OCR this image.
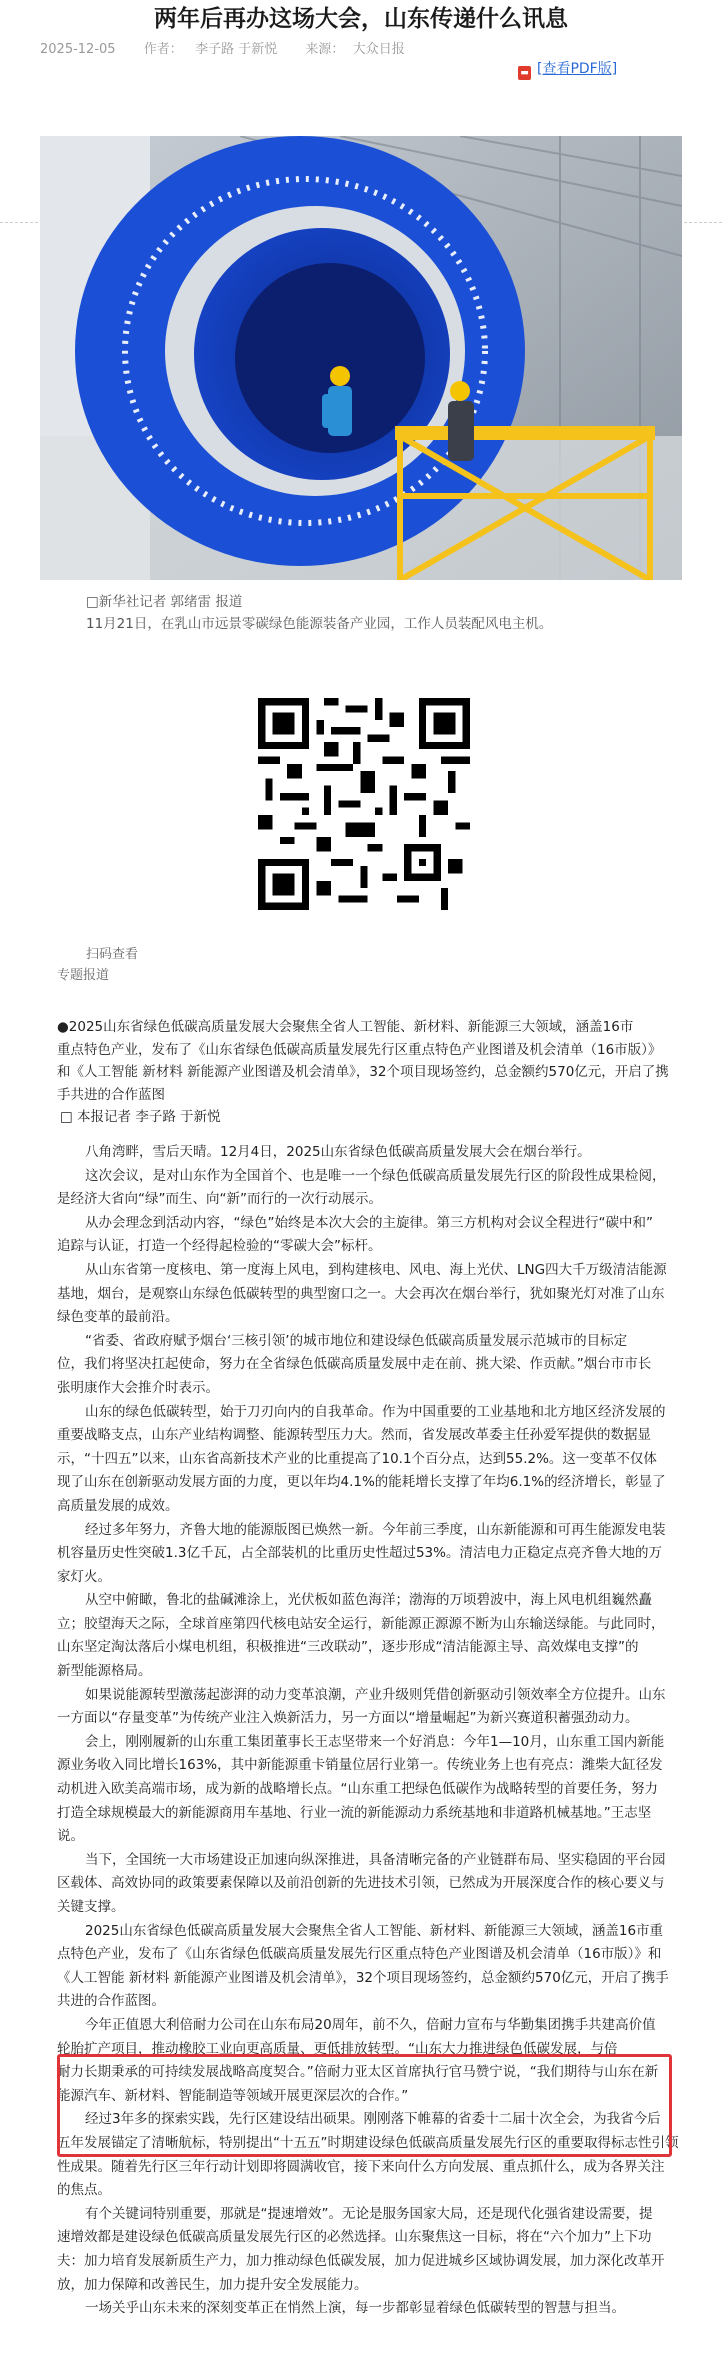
两年后再办这场大会，山东传递什么讯息
2025-12-05 作者： 李子路 于新悦 来源： 大众日报
▬ [查看PDF版]
□新华社记者 郭绪雷 报道
11月21日，在乳山市远景零碳绿色能源装备产业园，工作人员装配风电主机。
扫码查看
专题报道

●2025山东省绿色低碳高质量发展大会聚焦全省人工智能、新材料、新能源三大领域，涵盖16市

重点特色产业，发布了《山东省绿色低碳高质量发展先行区重点特色产业图谱及机会清单（16市版）》

和《人工智能 新材料 新能源产业图谱及机会清单》，32个项目现场签约，总金额约570亿元，开启了携

手共进的合作蓝图

□ 本报记者 李子路 于新悦

八角湾畔，雪后天晴。12月4日，2025山东省绿色低碳高质量发展大会在烟台举行。

这次会议，是对山东作为全国首个、也是唯一一个绿色低碳高质量发展先行区的阶段性成果检阅，

是经济大省向“绿”而生、向“新”而行的一次行动展示。

从办会理念到活动内容，“绿色”始终是本次大会的主旋律。第三方机构对会议全程进行“碳中和”

追踪与认证，打造一个经得起检验的“零碳大会”标杆。

从山东省第一度核电、第一度海上风电，到构建核电、风电、海上光伏、LNG四大千万级清洁能源

基地，烟台，是观察山东绿色低碳转型的典型窗口之一。大会再次在烟台举行，犹如聚光灯对准了山东

绿色变革的最前沿。

“省委、省政府赋予烟台‘三核引领’的城市地位和建设绿色低碳高质量发展示范城市的目标定

位，我们将坚决扛起使命，努力在全省绿色低碳高质量发展中走在前、挑大梁、作贡献。”烟台市市长

张明康作大会推介时表示。

山东的绿色低碳转型，始于刀刃向内的自我革命。作为中国重要的工业基地和北方地区经济发展的

重要战略支点，山东产业结构调整、能源转型压力大。然而，省发展改革委主任孙爱军提供的数据显

示，“十四五”以来，山东省高新技术产业的比重提高了10.1个百分点，达到55.2%。这一变革不仅体

现了山东在创新驱动发展方面的力度，更以年均4.1%的能耗增长支撑了年均6.1%的经济增长，彰显了

高质量发展的成效。

经过多年努力，齐鲁大地的能源版图已焕然一新。今年前三季度，山东新能源和可再生能源发电装

机容量历史性突破1.3亿千瓦，占全部装机的比重历史性超过53%。清洁电力正稳定点亮齐鲁大地的万

家灯火。

从空中俯瞰，鲁北的盐碱滩涂上，光伏板如蓝色海洋；渤海的万顷碧波中，海上风电机组巍然矗

立；胶望海天之际，全球首座第四代核电站安全运行，新能源正源源不断为山东输送绿能。与此同时，

山东坚定淘汰落后小煤电机组，积极推进“三改联动”，逐步形成“清洁能源主导、高效煤电支撑”的

新型能源格局。

如果说能源转型激荡起澎湃的动力变革浪潮，产业升级则凭借创新驱动引领效率全方位提升。山东

一方面以“存量变革”为传统产业注入焕新活力，另一方面以“增量崛起”为新兴赛道积蓄强劲动力。

会上，刚刚履新的山东重工集团董事长王志坚带来一个好消息：今年1—10月，山东重工国内新能

源业务收入同比增长163%，其中新能源重卡销量位居行业第一。传统业务上也有亮点：潍柴大缸径发

动机进入欧美高端市场，成为新的战略增长点。“山东重工把绿色低碳作为战略转型的首要任务，努力

打造全球规模最大的新能源商用车基地、行业一流的新能源动力系统基地和非道路机械基地。”王志坚

说。

当下，全国统一大市场建设正加速向纵深推进，具备清晰完备的产业链群布局、坚实稳固的平台园

区载体、高效协同的政策要素保障以及前沿创新的先进技术引领，已然成为开展深度合作的核心要义与

关键支撑。

2025山东省绿色低碳高质量发展大会聚焦全省人工智能、新材料、新能源三大领域，涵盖16市重

点特色产业，发布了《山东省绿色低碳高质量发展先行区重点特色产业图谱及机会清单（16市版）》和

《人工智能 新材料 新能源产业图谱及机会清单》，32个项目现场签约，总金额约570亿元，开启了携手

共进的合作蓝图。

今年正值恩大利倍耐力公司在山东布局20周年，前不久，倍耐力宣布与华勤集团携手共建高价值

轮胎扩产项目，推动橡胶工业向更高质量、更低排放转型。“山东大力推进绿色低碳发展，与倍

耐力长期秉承的可持续发展战略高度契合。”倍耐力亚太区首席执行官马赞宁说，“我们期待与山东在新

能源汽车、新材料、智能制造等领域开展更深层次的合作。”

经过3年多的探索实践，先行区建设结出硕果。刚刚落下帷幕的省委十二届十次全会，为我省今后

五年发展锚定了清晰航标，特别提出“十五五”时期建设绿色低碳高质量发展先行区的重要取得标志性引领

性成果。随着先行区三年行动计划即将圆满收官，接下来向什么方向发展、重点抓什么，成为各界关注

的焦点。

有个关键词特别重要，那就是“提速增效”。无论是服务国家大局，还是现代化强省建设需要，提

速增效都是建设绿色低碳高质量发展先行区的必然选择。山东聚焦这一目标，将在“六个加力”上下功

夫：加力培育发展新质生产力，加力推动绿色低碳发展，加力促进城乡区域协调发展，加力深化改革开

放，加力保障和改善民生，加力提升安全发展能力。

一场关乎山东未来的深刻变革正在悄然上演，每一步都彰显着绿色低碳转型的智慧与担当。
